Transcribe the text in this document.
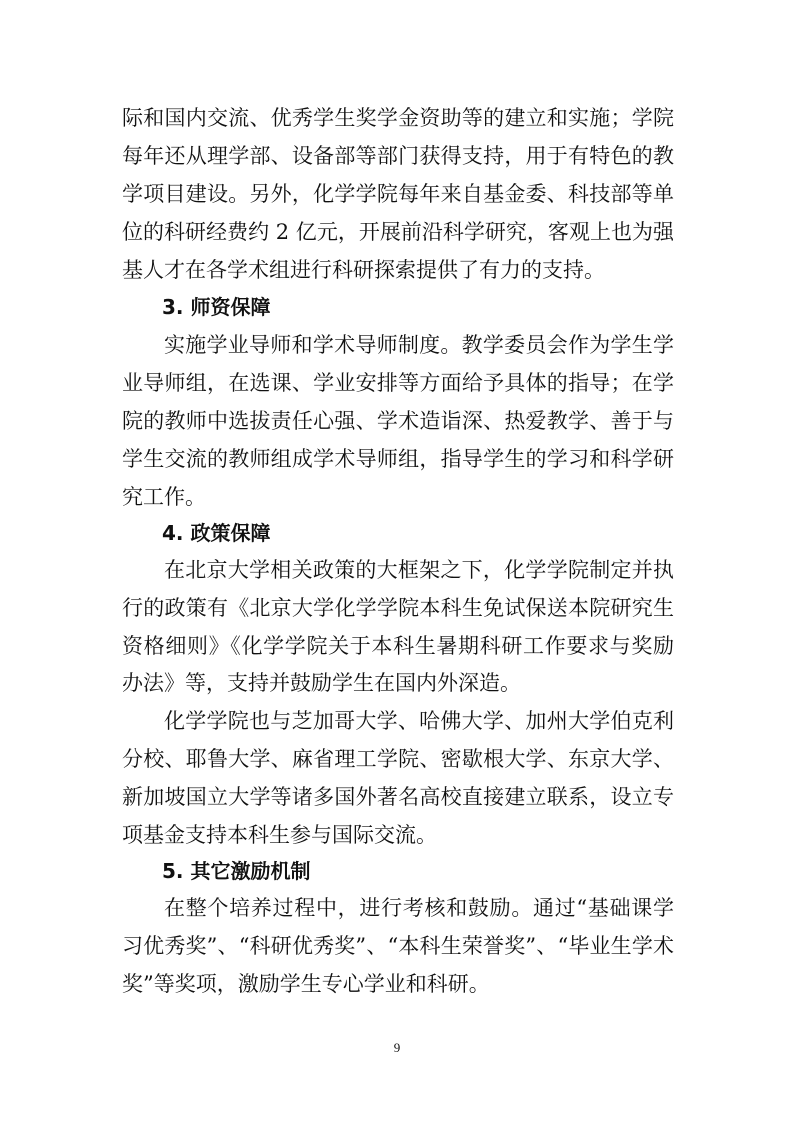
际和国内交流、优秀学生奖学金资助等的建立和实施；学院
每年还从理学部、设备部等部门获得支持，用于有特色的教
学项目建设。另外，化学学院每年来自基金委、科技部等单
位的科研经费约 2 亿元，开展前沿科学研究，客观上也为强
基人才在各学术组进行科研探索提供了有力的支持。
3. 师资保障
实施学业导师和学术导师制度。教学委员会作为学生学
业导师组，在选课、学业安排等方面给予具体的指导；在学
院的教师中选拔责任心强、学术造诣深、热爱教学、善于与
学生交流的教师组成学术导师组，指导学生的学习和科学研
究工作。
4. 政策保障
在北京大学相关政策的大框架之下，化学学院制定并执
行的政策有《北京大学化学学院本科生免试保送本院研究生
资格细则》《化学学院关于本科生暑期科研工作要求与奖励
办法》等，支持并鼓励学生在国内外深造。
化学学院也与芝加哥大学、哈佛大学、加州大学伯克利
分校、耶鲁大学、麻省理工学院、密歇根大学、东京大学、
新加坡国立大学等诸多国外著名高校直接建立联系，设立专
项基金支持本科生参与国际交流。
5. 其它激励机制
在整个培养过程中，进行考核和鼓励。通过“基础课学
习优秀奖”、“科研优秀奖”、“本科生荣誉奖”、“毕业生学术
奖”等奖项，激励学生专心学业和科研。
9
